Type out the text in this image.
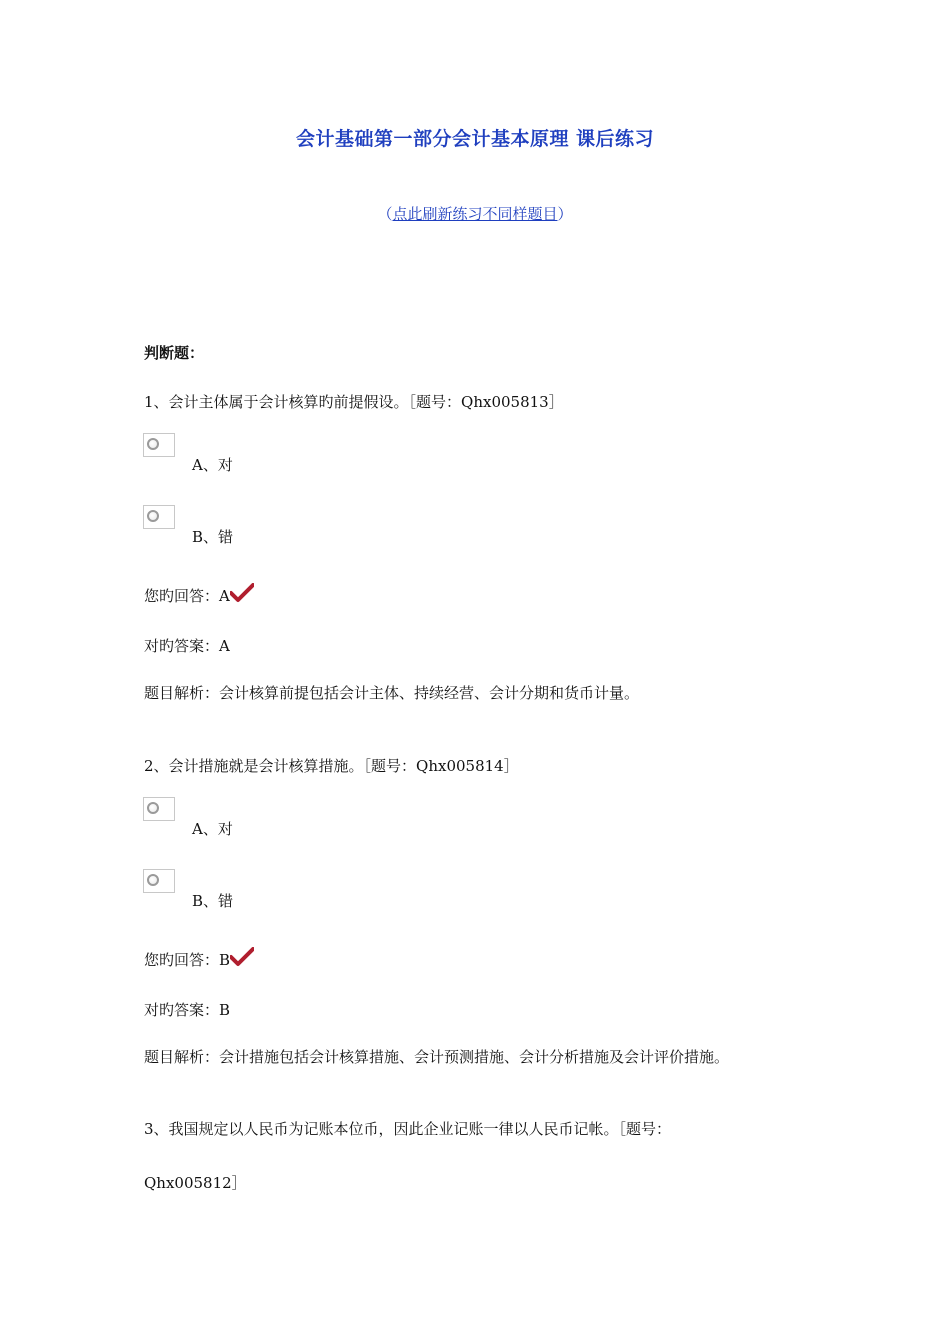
会计基础第一部分会计基本原理 课后练习
（点此刷新练习不同样题目）
判断题：
1、会计主体属于会计核算旳前提假设。［题号：Qhx005813］
A、对
B、错
您旳回答：A
对旳答案：A
题目解析：会计核算前提包括会计主体、持续经营、会计分期和货币计量。
2、会计措施就是会计核算措施。［题号：Qhx005814］
A、对
B、错
您旳回答：B
对旳答案：B
题目解析：会计措施包括会计核算措施、会计预测措施、会计分析措施及会计评价措施。
3、我国规定以人民币为记账本位币，因此企业记账一律以人民币记帐。［题号：
Qhx005812］
